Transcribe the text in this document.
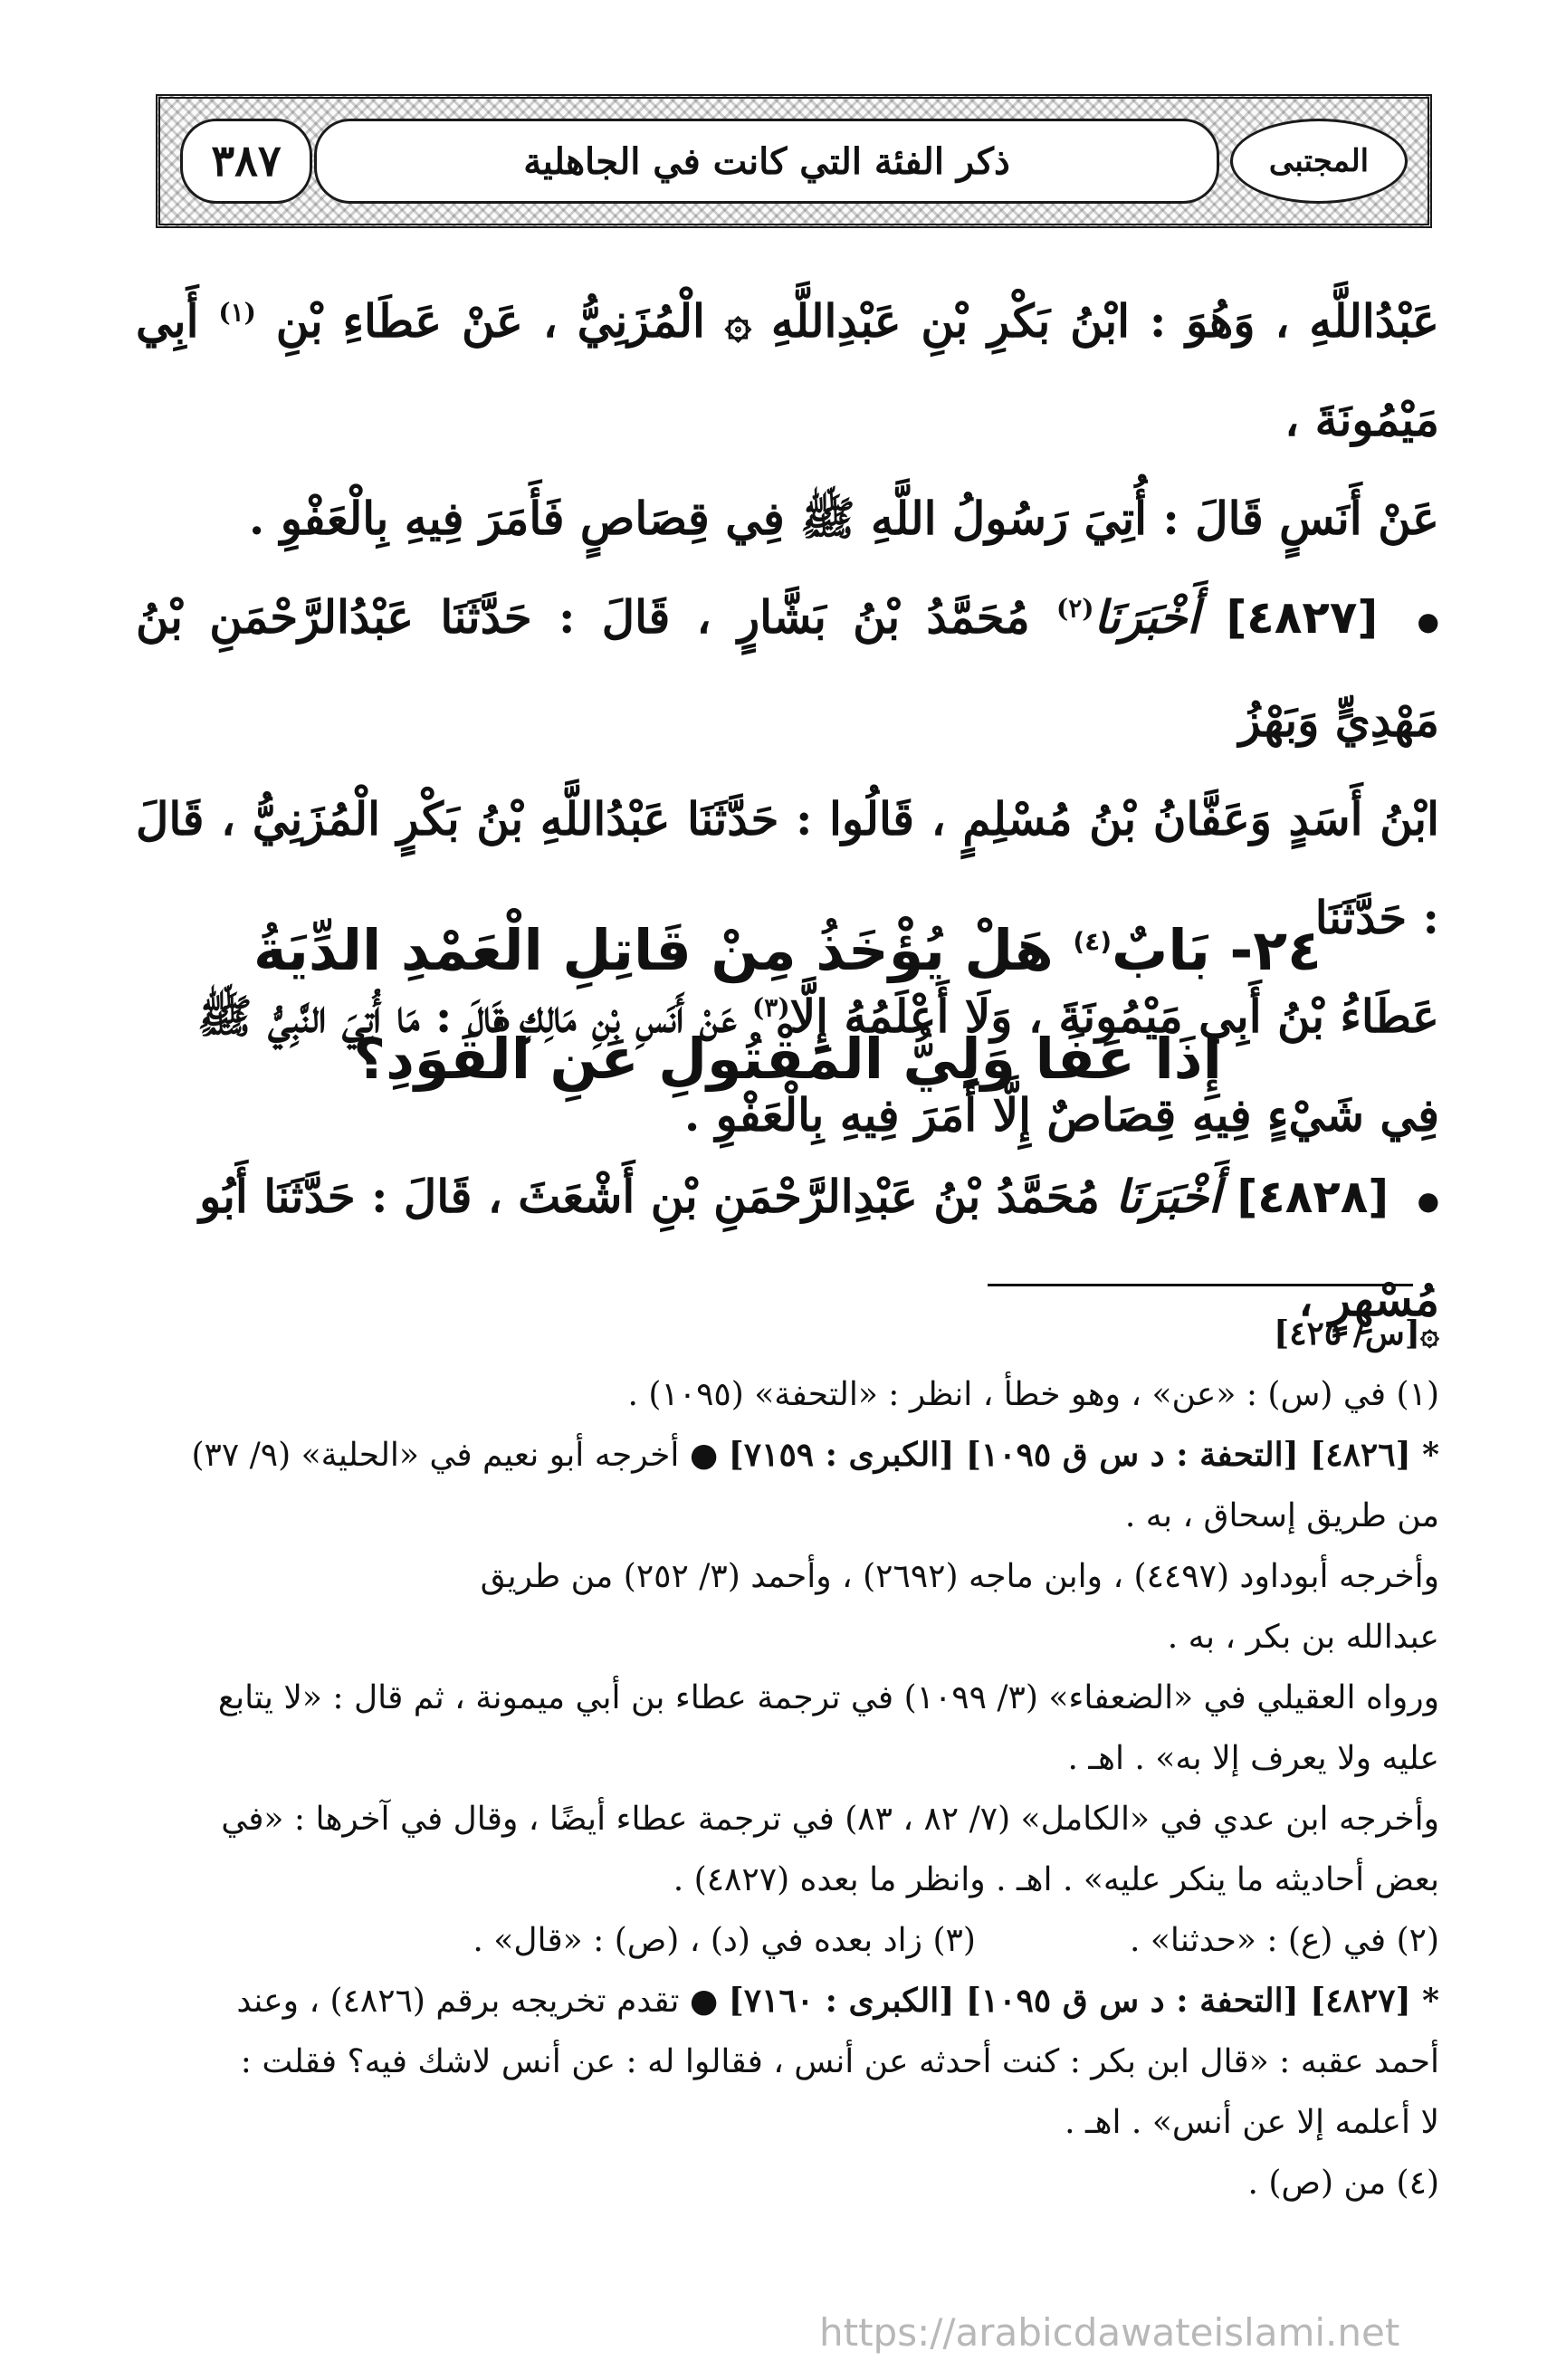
٣٨٧	ذكر الفئة التي كانت في الجاهلية	المجتبى

عَبْدُاللَّهِ ، وَهُوَ : ابْنُ بَكْرِ بْنِ عَبْدِاللَّهِ ۞ الْمُزَنِيُّ ، عَنْ عَطَاءِ بْنِ $^{(١)}$ أَبِي مَيْمُونَةَ ،

عَنْ أَنَسٍ قَالَ : أُتِيَ رَسُولُ اللَّهِ ﷺ فِي قِصَاصٍ فَأَمَرَ فِيهِ بِالْعَفْوِ .

● [٤٨٢٧] أَخْبَرَنَا$^{(٢)}$ مُحَمَّدُ بْنُ بَشَّارٍ ، قَالَ : حَدَّثَنَا عَبْدُالرَّحْمَنِ بْنُ مَهْدِيٍّ وَبَهْزُ

ابْنُ أَسَدٍ وَعَفَّانُ بْنُ مُسْلِمٍ ، قَالُوا : حَدَّثَنَا عَبْدُاللَّهِ بْنُ بَكْرٍ الْمُزَنِيُّ ، قَالَ : حَدَّثَنَا

عَطَاءُ بْنُ أَبِي مَيْمُونَةَ ، وَلَا أَعْلَمُهُ إِلَّا$^{(٣)}$ عَنْ أَنَسِ بْنِ مَالِكٍ قَالَ : مَا أُتِيَ النَّبِيُّ ﷺ

فِي شَيْءٍ فِيهِ قِصَاصٌ إِلَّا أَمَرَ فِيهِ بِالْعَفْوِ .

٢٤- بَابٌ$^{(٤)}$ هَلْ يُؤْخَذُ مِنْ قَاتِلِ الْعَمْدِ الدِّيَةُ
إِذَا عَفَا وَلِيُّ الْمَقْتُولِ عَنِ الْقَوَدِ؟

● [٤٨٢٨] أَخْبَرَنَا مُحَمَّدُ بْنُ عَبْدِالرَّحْمَنِ بْنِ أَشْعَثَ ، قَالَ : حَدَّثَنَا أَبُو مُسْهِرٍ ،

۞[س/ ٤٢٥]

(١) في (س) : «عن» ، وهو خطأ ، انظر : «التحفة» (١٠٩٥) .

* [٤٨٢٦] [التحفة : د س ق ١٠٩٥] [الكبرى : ٧١٥٩] ● أخرجه أبو نعيم في «الحلية» (٩/ ٣٧)

من طريق إسحاق ، به .

وأخرجه أبوداود (٤٤٩٧) ، وابن ماجه (٢٦٩٢) ، وأحمد (٣/ ٢٥٢) من طريق

عبدالله بن بكر ، به .

ورواه العقيلي في «الضعفاء» (٣/ ١٠٩٩) في ترجمة عطاء بن أبي ميمونة ، ثم قال : «لا يتابع

عليه ولا يعرف إلا به» . اهـ .

وأخرجه ابن عدي في «الكامل» (٧/ ٨٢ ، ٨٣) في ترجمة عطاء أيضًا ، وقال في آخرها : «في

بعض أحاديثه ما ينكر عليه» . اهـ . وانظر ما بعده (٤٨٢٧) .

(٢) في (ع) : «حدثنا» .
(٣) زاد بعده في (د) ، (ص) : «قال» .

* [٤٨٢٧] [التحفة : د س ق ١٠٩٥] [الكبرى : ٧١٦٠] ● تقدم تخريجه برقم (٤٨٢٦) ، وعند

أحمد عقبه : «قال ابن بكر : كنت أحدثه عن أنس ، فقالوا له : عن أنس لاشك فيه؟ فقلت :

لا أعلمه إلا عن أنس» . اهـ .

(٤) من (ص) .

https://arabicdawateislami.net
